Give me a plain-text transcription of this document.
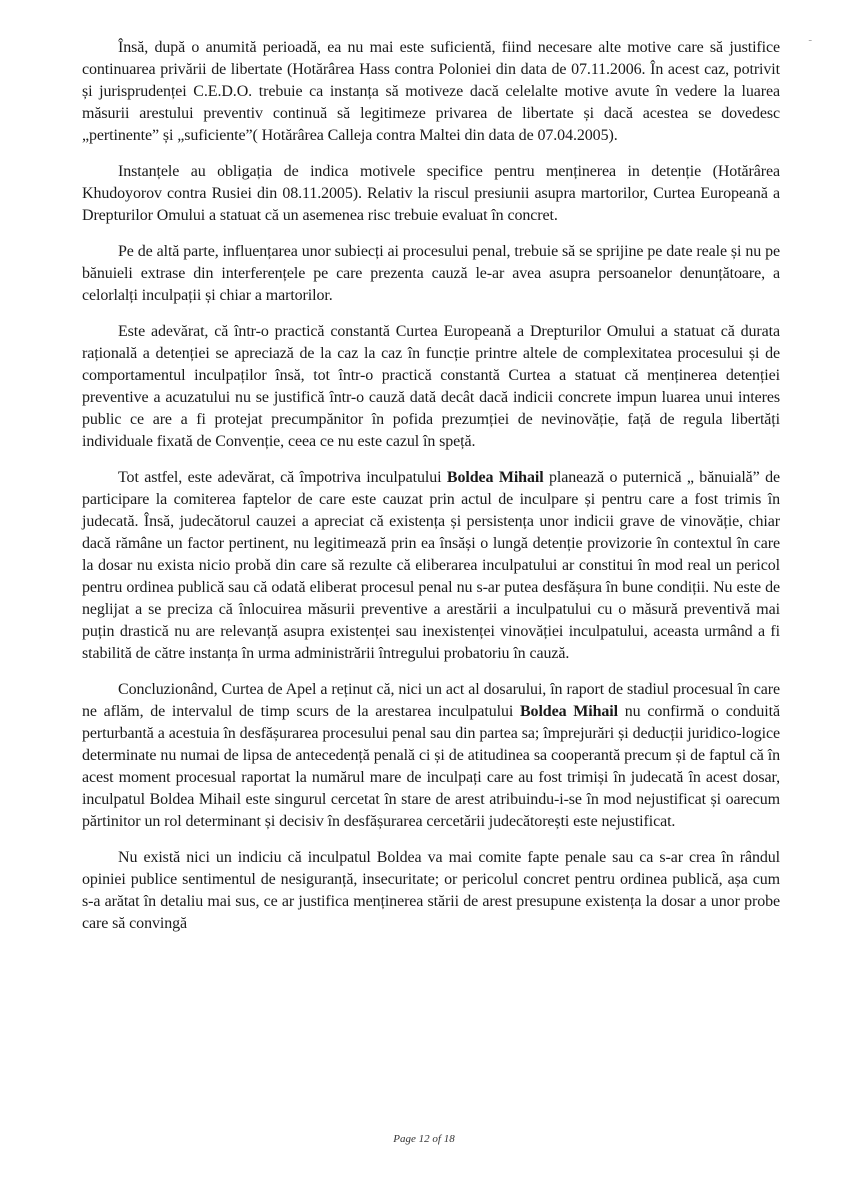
-

Însă, după o anumită perioadă, ea nu mai este suficientă, fiind necesare alte motive care să justifice continuarea privării de libertate (Hotărârea Hass contra Poloniei din data de 07.11.2006. În acest caz, potrivit și jurisprudenței C.E.D.O. trebuie ca instanța să motiveze dacă celelalte motive avute în vedere la luarea măsurii arestului preventiv continuă să legitimeze privarea de libertate și dacă acestea se dovedesc „pertinente” și „suficiente”( Hotărârea Calleja contra Maltei din data de 07.04.2005).

Instanțele au obligația de indica motivele specifice pentru menținerea in detenție (Hotărârea Khudoyorov contra Rusiei din 08.11.2005). Relativ la riscul presiunii asupra martorilor, Curtea Europeană a Drepturilor Omului a statuat că un asemenea risc trebuie evaluat în concret.

Pe de altă parte, influențarea unor subiecți ai procesului penal, trebuie să se sprijine pe date reale și nu pe bănuieli extrase din interferențele pe care prezenta cauză le-ar avea asupra persoanelor denunțătoare, a celorlalți inculpații și chiar a martorilor.

Este adevărat, că într-o practică constantă Curtea Europeană a Drepturilor Omului a statuat că durata rațională a detenției se apreciază de la caz la caz în funcție printre altele de complexitatea procesului și de comportamentul inculpaților însă, tot într-o practică constantă Curtea a statuat că menținerea detenției preventive a acuzatului nu se justifică într-o cauză dată decât dacă indicii concrete impun luarea unui interes public ce are a fi protejat precumpănitor în pofida prezumției de nevinovăție, față de regula libertăți individuale fixată de Convenție, ceea ce nu este cazul în speță.

Tot astfel, este adevărat, că împotriva inculpatului Boldea Mihail planează o puternică „ bănuială” de participare la comiterea faptelor de care este cauzat prin actul de inculpare și pentru care a fost trimis în judecată. Însă, judecătorul cauzei a apreciat că existența și persistența unor indicii grave de vinovăție, chiar dacă rămâne un factor pertinent, nu legitimează prin ea însăși o lungă detenție provizorie în contextul în care la dosar nu exista nicio probă din care să rezulte că eliberarea inculpatului ar constitui în mod real un pericol pentru ordinea publică sau că odată eliberat procesul penal nu s-ar putea desfășura în bune condiții. Nu este de neglijat a se preciza că înlocuirea măsurii preventive a arestării a inculpatului cu o măsură preventivă mai puțin drastică nu are relevanță asupra existenței sau inexistenței vinovăției inculpatului, aceasta urmând a fi stabilită de către instanța în urma administrării întregului probatoriu în cauză.

Concluzionând, Curtea de Apel a reținut că, nici un act al dosarului, în raport de stadiul procesual în care ne aflăm, de intervalul de timp scurs de la arestarea inculpatului Boldea Mihail nu confirmă o conduită perturbantă a acestuia în desfășurarea procesului penal sau din partea sa; împrejurări și deducții juridico-logice determinate nu numai de lipsa de antecedență penală ci și de atitudinea sa cooperantă precum și de faptul că în acest moment procesual raportat la numărul mare de inculpați care au fost trimiși în judecată în acest dosar, inculpatul Boldea Mihail este singurul cercetat în stare de arest atribuindu-i-se în mod nejustificat și oarecum părtinitor un rol determinant și decisiv în desfășurarea cercetării judecătorești este nejustificat.

Nu există nici un indiciu că inculpatul Boldea va mai comite fapte penale sau ca s-ar crea în rândul opiniei publice sentimentul de nesiguranță, insecuritate; or pericolul concret pentru ordinea publică, așa cum s-a arătat în detaliu mai sus, ce ar justifica menținerea stării de arest presupune existența la dosar a unor probe care să convingă

Page 12 of 18
